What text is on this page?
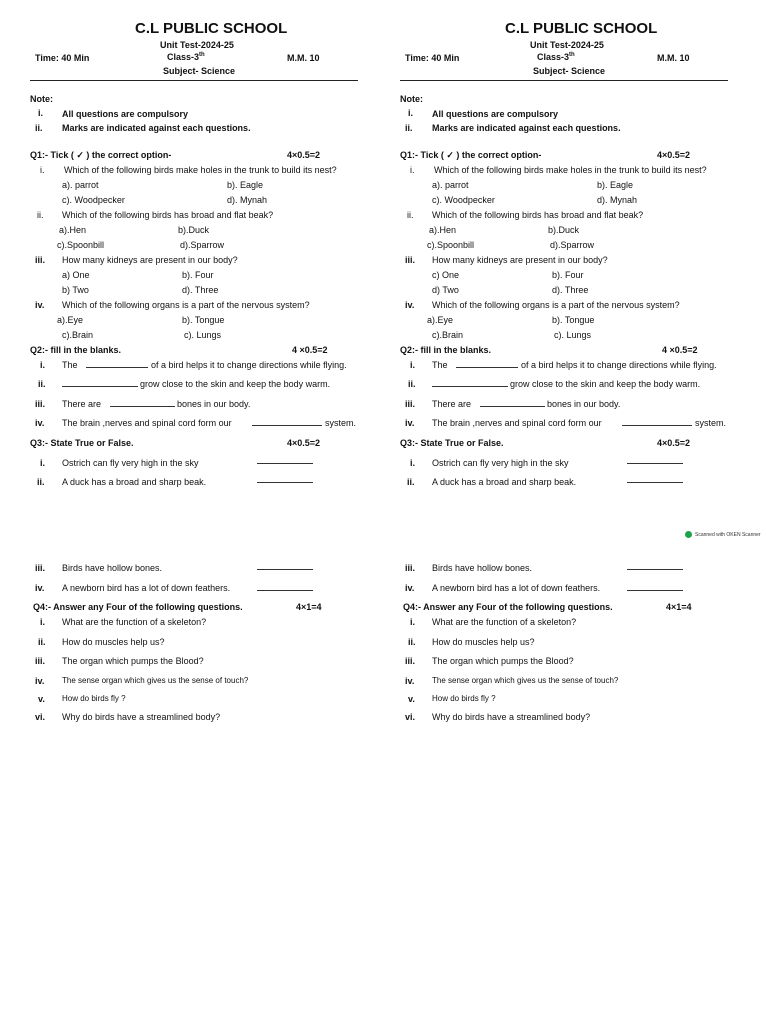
C.L PUBLIC SCHOOL
Unit Test-2024-25
Time: 40 Min	Class-3th	M.M. 10
Subject- Science
Note:
i. All questions are compulsory
ii. Marks are indicated against each questions.
Q1:- Tick ( ✓ ) the correct option-	4×0.5=2
i. Which of the following birds make holes in the trunk to build its nest?
a). parrot	b). Eagle
c). Woodpecker	d). Mynah
ii. Which of the following birds has broad and flat beak?
a).Hen	b).Duck
c).Spoonbill	d).Sparrow
iii. How many kidneys are present in our body?
a) One	b). Four
b) Two	d). Three
iv. Which of the following organs is a part of the nervous system?
a).Eye	b). Tongue
c).Brain	c). Lungs
Q2:- fill in the blanks.	4 ×0.5=2
i. The	of a bird helps it to change directions while flying.
ii.	grow close to the skin and keep the body warm.
iii. There are	bones in our body.
iv. The brain ,nerves and spinal cord form our	system.
Q3:- State True or False.	4×0.5=2
i. Ostrich can fly very high in the sky
ii. A duck has a broad and sharp beak.
iii. Birds have hollow bones.
iv. A newborn bird has a lot of down feathers.
Q4:- Answer any Four of the following questions.	4×1=4
i. What are the function of a skeleton?
ii. How do muscles help us?
iii. The organ which pumps the Blood?
iv. The sense organ which gives us the sense of touch?
v. How do birds fly ?
vi. Why do birds have a streamlined body?
C.L PUBLIC SCHOOL
Unit Test-2024-25
Time: 40 Min	Class-3th	M.M. 10
Subject- Science
Note:
i. All questions are compulsory
ii. Marks are indicated against each questions.
Q1:- Tick ( ✓ ) the correct option-	4×0.5=2
i. Which of the following birds make holes in the trunk to build its nest?
a). parrot	b). Eagle
c). Woodpecker	d). Mynah
ii. Which of the following birds has broad and flat beak?
a).Hen	b).Duck
c).Spoonbill	d).Sparrow
iii. How many kidneys are present in our body?
c) One	b). Four
d) Two	d). Three
iv. Which of the following organs is a part of the nervous system?
a).Eye	b). Tongue
c).Brain	c). Lungs
Q2:- fill in the blanks.	4 ×0.5=2
i. The	of a bird helps it to change directions while flying.
ii.	grow close to the skin and keep the body warm.
iii. There are	bones in our body.
iv. The brain ,nerves and spinal cord form our	system.
Q3:- State True or False.	4×0.5=2
i. Ostrich can fly very high in the sky
ii. A duck has a broad and sharp beak.
iii. Birds have hollow bones.
iv. A newborn bird has a lot of down feathers.
Q4:- Answer any Four of the following questions.	4×1=4
i. What are the function of a skeleton?
ii. How do muscles help us?
iii. The organ which pumps the Blood?
iv. The sense organ which gives us the sense of touch?
v. How do birds fly ?
vi. Why do birds have a streamlined body?
Scanned with OKEN Scanner
